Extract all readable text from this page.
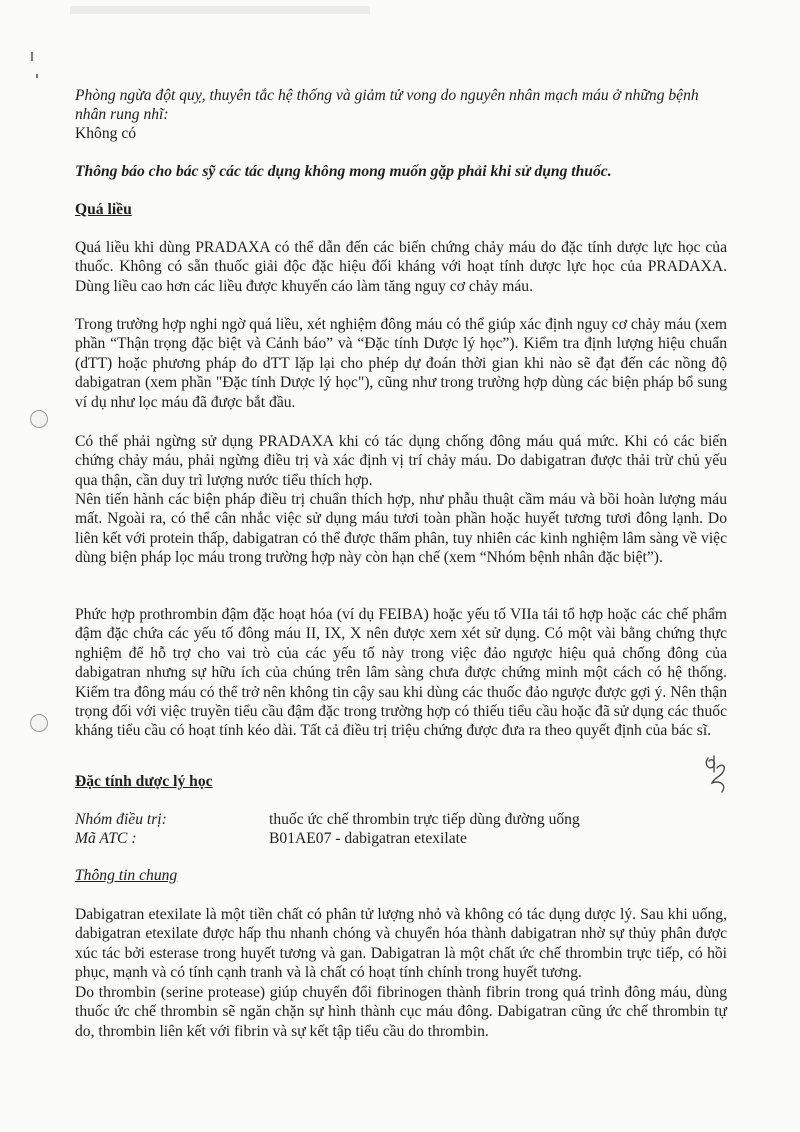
Phòng ngừa đột quỵ, thuyên tắc hệ thống và giảm tử vong do nguyên nhân mạch máu ở những bệnh nhân rung nhĩ:

Không có

Thông báo cho bác sỹ các tác dụng không mong muốn gặp phải khi sử dụng thuốc.

Quá liều

Quá liều khi dùng PRADAXA có thể dẫn đến các biến chứng chảy máu do đặc tính dược lực học của thuốc. Không có sẵn thuốc giải độc đặc hiệu đối kháng với hoạt tính dược lực học của PRADAXA. Dùng liều cao hơn các liều được khuyến cáo làm tăng nguy cơ chảy máu.

Trong trường hợp nghi ngờ quá liều, xét nghiệm đông máu có thể giúp xác định nguy cơ chảy máu (xem phần “Thận trọng đặc biệt và Cảnh báo” và “Đặc tính Dược lý học”). Kiểm tra định lượng hiệu chuẩn (dTT) hoặc phương pháp đo dTT lặp lại cho phép dự đoán thời gian khi nào sẽ đạt đến các nồng độ dabigatran (xem phần "Đặc tính Dược lý học"), cũng như trong trường hợp dùng các biện pháp bổ sung ví dụ như lọc máu đã được bắt đầu.

Có thể phải ngừng sử dụng PRADAXA khi có tác dụng chống đông máu quá mức. Khi có các biến chứng chảy máu, phải ngừng điều trị và xác định vị trí chảy máu. Do dabigatran được thải trừ chủ yếu qua thận, cần duy trì lượng nước tiểu thích hợp.

Nên tiến hành các biện pháp điều trị chuẩn thích hợp, như phẫu thuật cầm máu và bồi hoàn lượng máu mất. Ngoài ra, có thể cân nhắc việc sử dụng máu tươi toàn phần hoặc huyết tương tươi đông lạnh. Do liên kết với protein thấp, dabigatran có thể được thẩm phân, tuy nhiên các kinh nghiệm lâm sàng về việc dùng biện pháp lọc máu trong trường hợp này còn hạn chế (xem “Nhóm bệnh nhân đặc biệt”).

Phức hợp prothrombin đậm đặc hoạt hóa (ví dụ FEIBA) hoặc yếu tố VIIa tái tổ hợp hoặc các chế phẩm đậm đặc chứa các yếu tố đông máu II, IX, X nên được xem xét sử dụng. Có một vài bằng chứng thực nghiệm để hỗ trợ cho vai trò của các yếu tố này trong việc đảo ngược hiệu quả chống đông của dabigatran nhưng sự hữu ích của chúng trên lâm sàng chưa được chứng minh một cách có hệ thống. Kiểm tra đông máu có thể trở nên không tin cậy sau khi dùng các thuốc đảo ngược được gợi ý. Nên thận trọng đối với việc truyền tiểu cầu đậm đặc trong trường hợp có thiếu tiểu cầu hoặc đã sử dụng các thuốc kháng tiểu cầu có hoạt tính kéo dài. Tất cả điều trị triệu chứng được đưa ra theo quyết định của bác sĩ.

Đặc tính dược lý học

Nhóm điều trị:	thuốc ức chế thrombin trực tiếp dùng đường uống
Mã ATC :	B01AE07 - dabigatran etexilate

Thông tin chung

Dabigatran etexilate là một tiền chất có phân tử lượng nhỏ và không có tác dụng dược lý. Sau khi uống, dabigatran etexilate được hấp thu nhanh chóng và chuyển hóa thành dabigatran nhờ sự thủy phân được xúc tác bởi esterase trong huyết tương và gan. Dabigatran là một chất ức chế thrombin trực tiếp, có hồi phục, mạnh và có tính cạnh tranh và là chất có hoạt tính chính trong huyết tương.

Do thrombin (serine protease) giúp chuyển đổi fibrinogen thành fibrin trong quá trình đông máu, dùng thuốc ức chế thrombin sẽ ngăn chặn sự hình thành cục máu đông. Dabigatran cũng ức chế thrombin tự do, thrombin liên kết với fibrin và sự kết tập tiểu cầu do thrombin.
